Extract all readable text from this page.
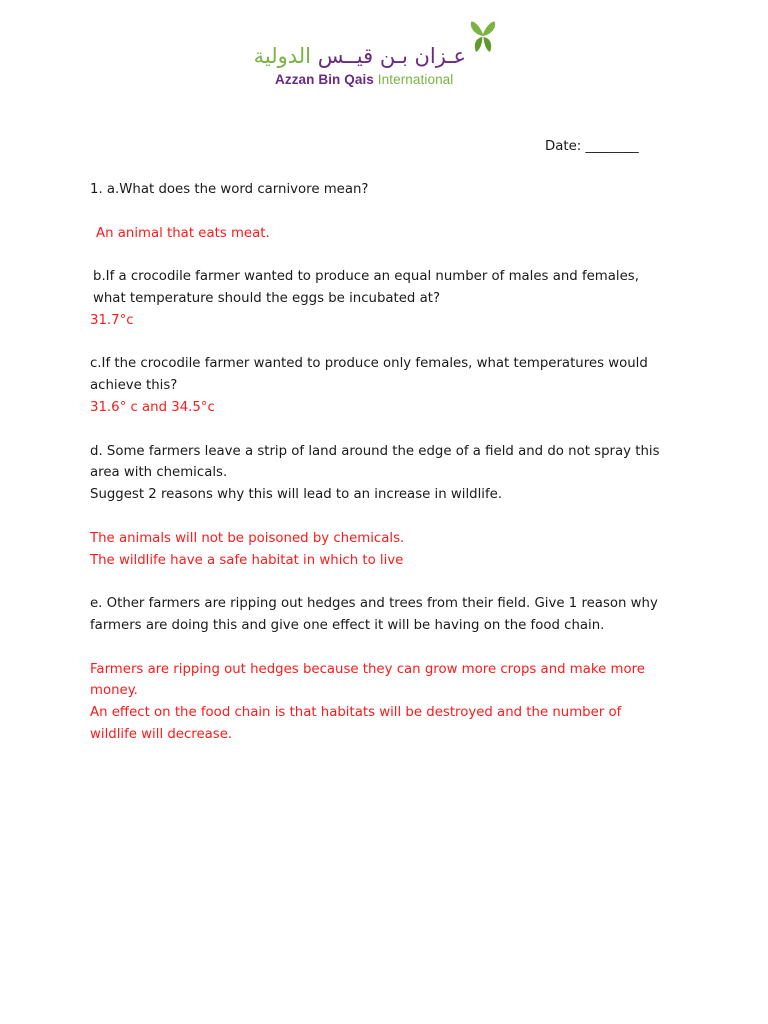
عـزان بـن قيــس الدولية
Azzan Bin Qais International
Date: ________

1. a.What does the word carnivore mean?

An animal that eats meat.

b.If a crocodile farmer wanted to produce an equal number of males and females, what temperature should the eggs be incubated at?

31.7°c

c.If the crocodile farmer wanted to produce only females, what temperatures would achieve this?

31.6° c and 34.5°c

d. Some farmers leave a strip of land around the edge of a field and do not spray this area with chemicals.

Suggest 2 reasons why this will lead to an increase in wildlife.

The animals will not be poisoned by chemicals.

The wildlife have a safe habitat in which to live

e. Other farmers are ripping out hedges and trees from their field. Give 1 reason why farmers are doing this and give one effect it will be having on the food chain.

Farmers are ripping out hedges because they can grow more crops and make more money.

An effect on the food chain is that habitats will be destroyed and the number of wildlife will decrease.
